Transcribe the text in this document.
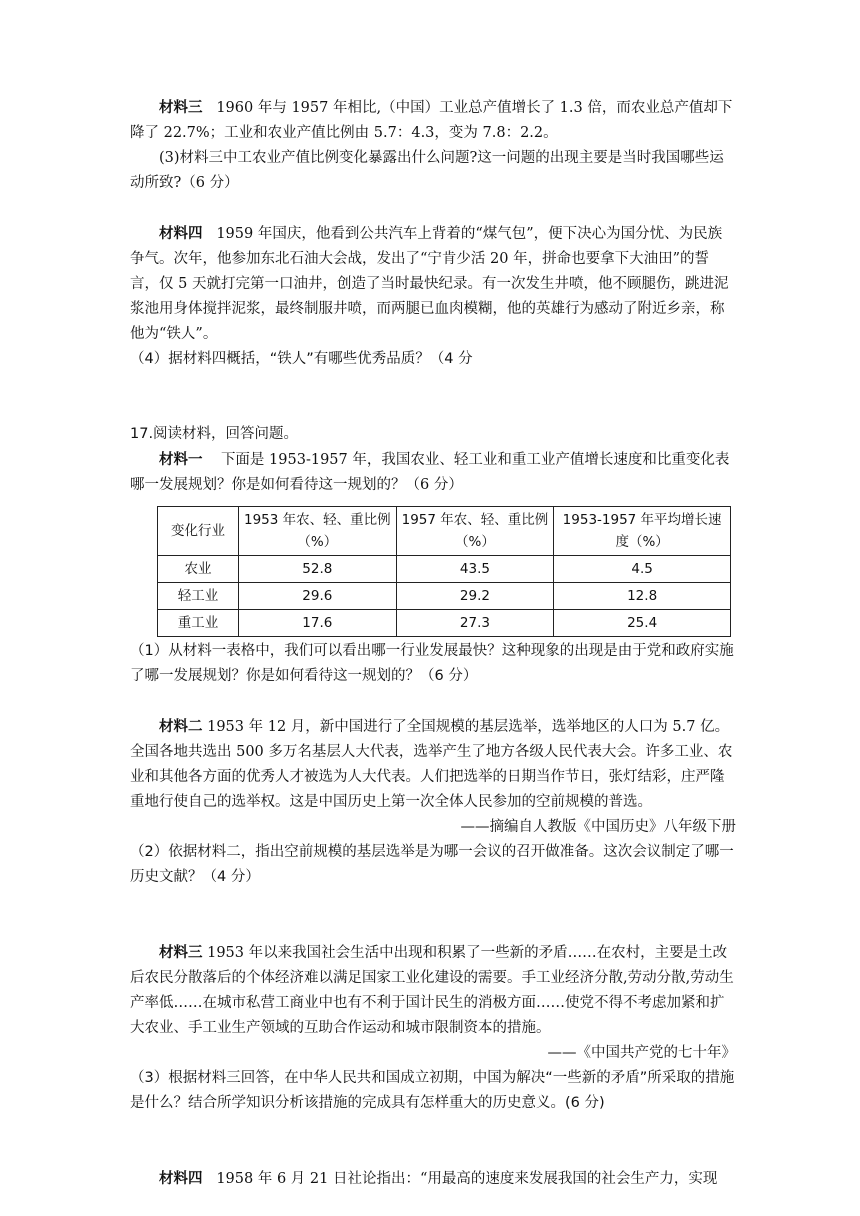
材料三 1960 年与 1957 年相比,（中国）工业总产值增长了 1.3 倍，而农业总产值却下降了 22.7%；工业和农业产值比例由 5.7：4.3，变为 7.8：2.2。

(3)材料三中工农业产值比例变化暴露出什么问题?这一问题的出现主要是当时我国哪些运动所致?（6 分）

材料四 1959 年国庆，他看到公共汽车上背着的“煤气包”，便下决心为国分忧、为民族争气。次年，他参加东北石油大会战，发出了“宁肯少活 20 年，拼命也要拿下大油田”的誓言，仅 5 天就打完第一口油井，创造了当时最快纪录。有一次发生井喷，他不顾腿伤，跳进泥浆池用身体搅拌泥浆，最终制服井喷，而两腿已血肉模糊，他的英雄行为感动了附近乡亲，称他为“铁人”。

（4）据材料四概括，“铁人”有哪些优秀品质？（4 分

17.阅读材料，回答问题。

材料一 下面是 1953-1957 年，我国农业、轻工业和重工业产值增长速度和比重变化表哪一发展规划？你是如何看待这一规划的？（6 分）

变化行业	1953 年农、轻、重比例（%）	1957 年农、轻、重比例（%）	1953-1957 年平均增长速度（%）
农业	52.8	43.5	4.5
轻工业	29.6	29.2	12.8
重工业	17.6	27.3	25.4

（1）从材料一表格中，我们可以看出哪一行业发展最快？这种现象的出现是由于党和政府实施了哪一发展规划？你是如何看待这一规划的？（6 分）

材料二 1953 年 12 月，新中国进行了全国规模的基层选举，选举地区的人口为 5.7 亿。全国各地共选出 500 多万名基层人大代表，选举产生了地方各级人民代表大会。许多工业、农业和其他各方面的优秀人才被选为人大代表。人们把选举的日期当作节日，张灯结彩，庄严隆重地行使自己的选举权。这是中国历史上第一次全体人民参加的空前规模的普选。

——摘编自人教版《中国历史》八年级下册

（2）依据材料二，指出空前规模的基层选举是为哪一会议的召开做准备。这次会议制定了哪一历史文献？（4 分）

材料三 1953 年以来我国社会生活中出现和积累了一些新的矛盾……在农村，主要是土改后农民分散落后的个体经济难以满足国家工业化建设的需要。手工业经济分散,劳动分散,劳动生产率低……在城市私营工商业中也有不利于国计民生的消极方面……使党不得不考虑加紧和扩大农业、手工业生产领域的互助合作运动和城市限制资本的措施。

——《中国共产党的七十年》

（3）根据材料三回答，在中华人民共和国成立初期，中国为解决“一些新的矛盾”所采取的措施是什么？结合所学知识分析该措施的完成具有怎样重大的历史意义。(6 分)

材料四 1958 年 6 月 21 日社论指出：“用最高的速度来发展我国的社会生产力，实现
